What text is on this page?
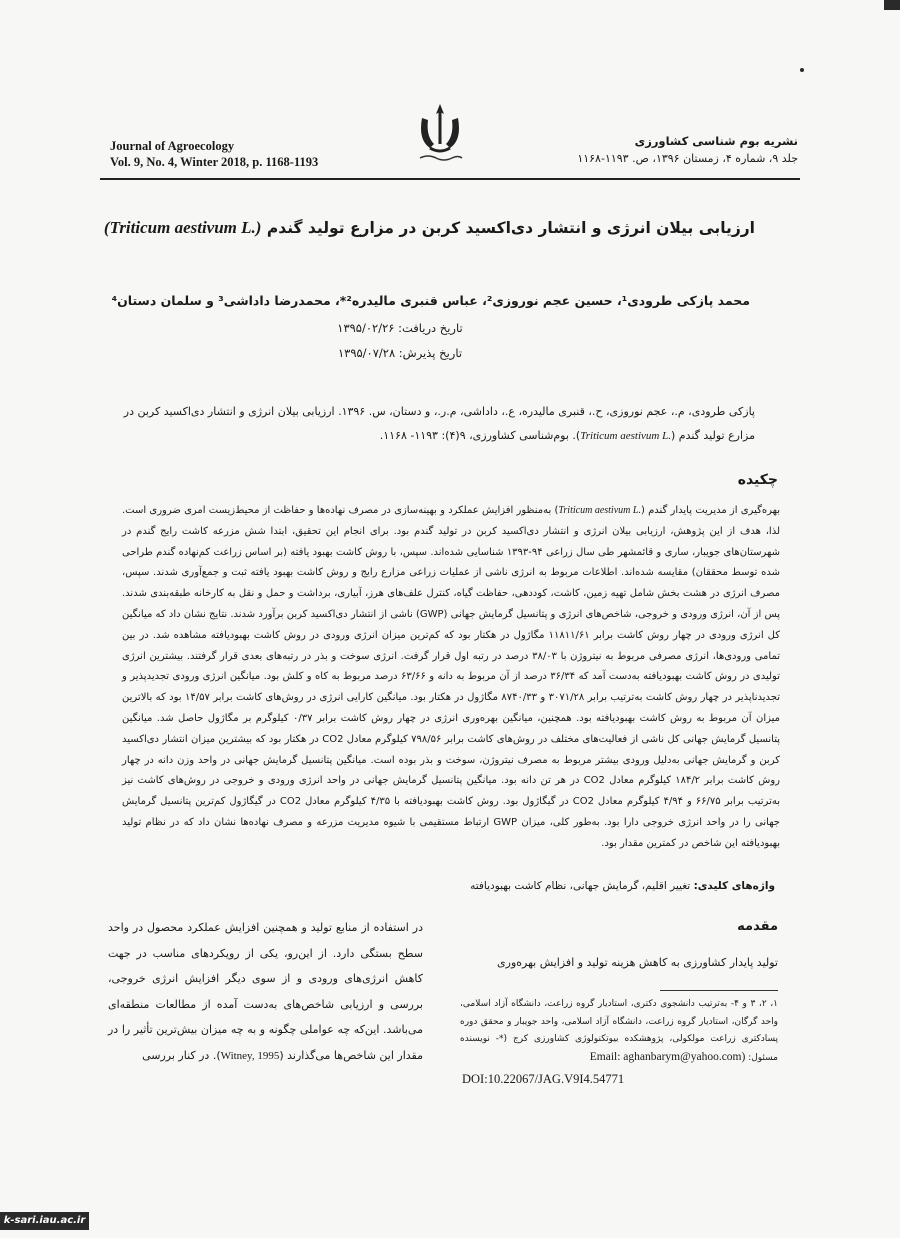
Journal of Agroecology
Vol. 9, No. 4, Winter 2018, p. 1168-1193
نشریه بوم شناسی کشاورزی
جلد ۹، شماره ۴، زمستان ۱۳۹۶، ص. ۱۱۹۳-۱۱۶۸
ارزیابی بیلان انرژی و انتشار دی‌اکسید کربن در مزارع تولید گندم (Triticum aestivum L.)
محمد پازکی طرودی¹، حسین عجم نوروزی²، عباس قنبری مالیدره²*، محمدرضا داداشی³ و سلمان دستان⁴
تاریخ دریافت: ۱۳۹۵/۰۲/۲۶
تاریخ پذیرش: ۱۳۹۵/۰۷/۲۸
پازکی طرودی، م.، عجم نوروزی، ح.، قنبری مالیدره، ع.، داداشی، م.ر.، و دستان، س. ۱۳۹۶. ارزیابی بیلان انرژی و انتشار دی‌اکسید کربن در مزارع تولید گندم (Triticum aestivum L.). بوم‌شناسی کشاورزی، ۹(۴): ۱۱۹۳- ۱۱۶۸.
چکیده
بهره‌گیری از مدیریت پایدار گندم (Triticum aestivum L.) به‌منظور افزایش عملکرد و بهینه‌سازی در مصرف نهاده‌ها و حفاظت از محیط‌زیست امری ضروری است. لذا، هدف از این پژوهش، ارزیابی بیلان انرژی و انتشار دی‌اکسید کربن در تولید گندم بود. برای انجام این تحقیق، ابتدا شش مزرعه کاشت رایج گندم در شهرستان‌های جویبار، ساری و قائمشهر طی سال زراعی ۹۴-۱۳۹۳ شناسایی شده‌اند. سپس، با روش کاشت بهبود یافته (بر اساس زراعت کم‌نهاده گندم طراحی شده توسط محققان) مقایسه شده‌اند. اطلاعات مربوط به انرژی ناشی از عملیات زراعی مزارع رایج و روش کاشت بهبود یافته ثبت و جمع‌آوری شدند. سپس، مصرف انرژی در هشت بخش شامل تهیه زمین، کاشت، کوددهی، حفاظت گیاه، کنترل علف‌های هرز، آبیاری، برداشت و حمل و نقل به کارخانه طبقه‌بندی شدند. پس از آن، انرژی ورودی و خروجی، شاخص‌های انرژی و پتانسیل گرمایش جهانی (GWP) ناشی از انتشار دی‌اکسید کربن برآورد شدند. نتایج نشان داد که میانگین کل انرژی ورودی در چهار روش کاشت برابر ۱۱۸۱۱/۶۱ مگاژول در هکتار بود که کم‌ترین میزان انرژی ورودی در روش کاشت بهبودیافته مشاهده شد. در بین تمامی ورودی‌ها، انرژی مصرفی مربوط به نیتروژن با ۳۸/۰۳ درصد در رتبه اول قرار گرفت. انرژی سوخت و بذر در رتبه‌های بعدی قرار گرفتند. بیشترین انرژی تولیدی در روش کاشت بهبودیافته به‌دست آمد که ۳۶/۳۴ درصد از آن مربوط به دانه و ۶۳/۶۶ درصد مربوط به کاه و کلش بود. میانگین انرژی ورودی تجدیدپذیر و تجدیدناپذیر در چهار روش کاشت به‌ترتیب برابر ۳۰۷۱/۲۸ و ۸۷۴۰/۳۳ مگاژول در هکتار بود. میانگین کارایی انرژی در روش‌های کاشت برابر ۱۴/۵۷ بود که بالاترین میزان آن مربوط به روش کاشت بهبودیافته بود. همچنین، میانگین بهره‌وری انرژی در چهار روش کاشت برابر ۰/۳۷ کیلوگرم بر مگاژول حاصل شد. میانگین پتانسیل گرمایش جهانی کل ناشی از فعالیت‌های مختلف در روش‌های کاشت برابر ۷۹۸/۵۶ کیلوگرم معادل CO2 در هکتار بود که بیشترین میزان انتشار دی‌اکسید کربن و گرمایش جهانی به‌دلیل ورودی بیشتر مربوط به مصرف نیتروژن، سوخت و بذر بوده است. میانگین پتانسیل گرمایش جهانی در واحد وزن دانه در چهار روش کاشت برابر ۱۸۴/۲ کیلوگرم معادل CO2 در هر تن دانه بود. میانگین پتانسیل گرمایش جهانی در واحد انرژی ورودی و خروجی در روش‌های کاشت نیز به‌ترتیب برابر ۶۶/۷۵ و ۴/۹۴ کیلوگرم معادل CO2 در گیگاژول بود. روش کاشت بهبودیافته با ۴/۳۵ کیلوگرم معادل CO2 در گیگاژول کم‌ترین پتانسیل گرمایش جهانی را در واحد انرژی خروجی دارا بود. به‌طور کلی، میزان GWP ارتباط مستقیمی با شیوه مدیریت مزرعه و مصرف نهاده‌ها نشان داد که در نظام تولید بهبودیافته این شاخص در کمترین مقدار بود.
واژه‌های کلیدی: تغییر اقلیم، گرمایش جهانی، نظام کاشت بهبودیافته
مقدمه
تولید پایدار کشاورزی به کاهش هزینه تولید و افزایش بهره‌وری
۱، ۲، ۳ و ۴- به‌ترتیب دانشجوی دکتری، استادیار گروه زراعت، دانشگاه آزاد اسلامی، واحد گرگان، استادیار گروه زراعت، دانشگاه آزاد اسلامی، واحد جویبار و محقق دوره پسادکتری زراعت مولکولی، پژوهشکده بیوتکنولوژی کشاورزی کرج (*- نویسنده مسئول: Email: aghanbarym@yahoo.com)
DOI:10.22067/JAG.V9I4.54771
در استفاده از منابع تولید و همچنین افزایش عملکرد محصول در واحد سطح بستگی دارد. از این‌رو، یکی از رویکردهای مناسب در جهت کاهش انرژی‌های ورودی و از سوی دیگر افزایش انرژی خروجی، بررسی و ارزیابی شاخص‌های به‌دست آمده از مطالعات منطقه‌ای می‌باشد. این‌که چه عواملی چگونه و به چه میزان بیش‌ترین تأثیر را در مقدار این شاخص‌ها می‌گذارند (Witney, 1995). در کنار بررسی
k-sari.iau.ac.ir
